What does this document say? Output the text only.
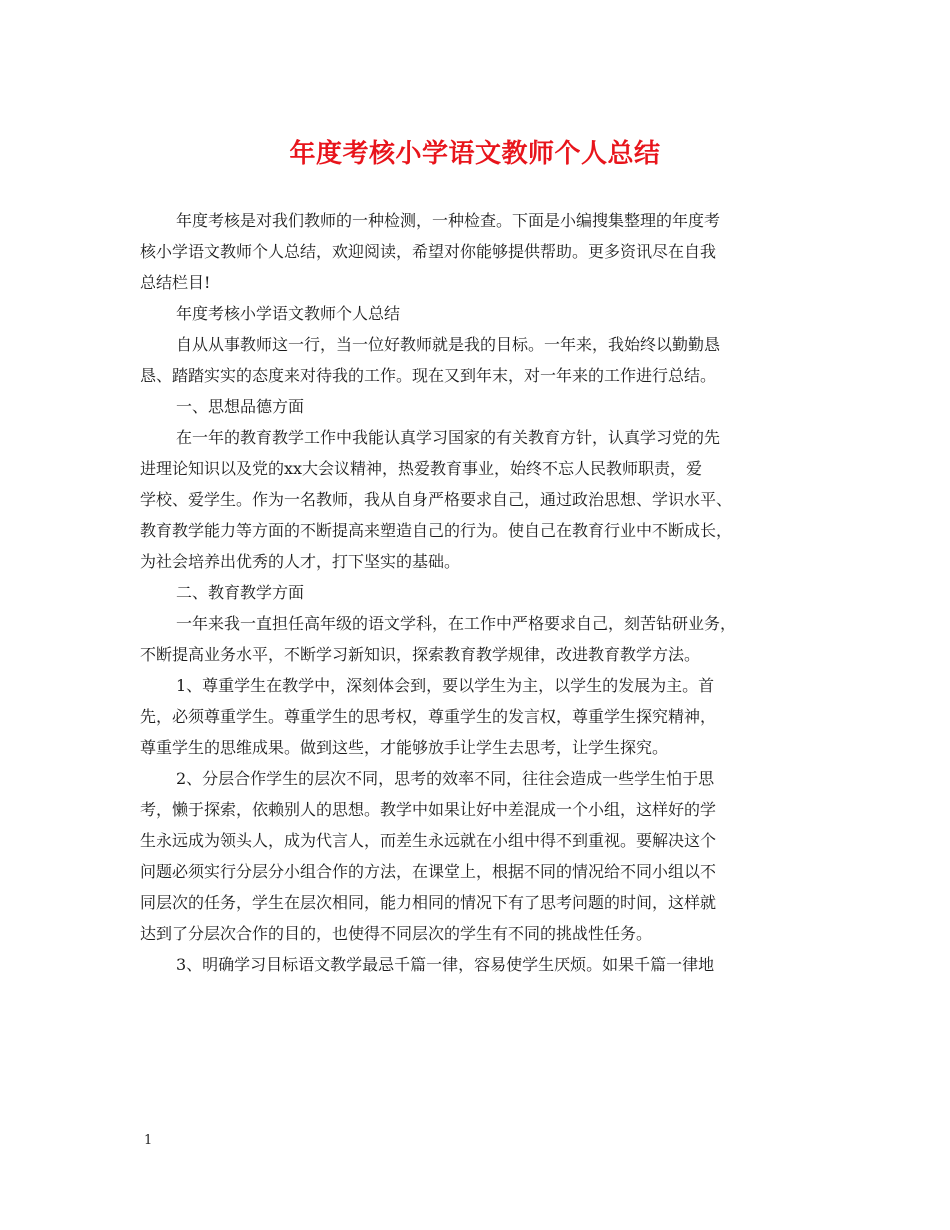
年度考核小学语文教师个人总结
年度考核是对我们教师的一种检测，一种检查。下面是小编搜集整理的年度考
核小学语文教师个人总结，欢迎阅读，希望对你能够提供帮助。更多资讯尽在自我
总结栏目!
年度考核小学语文教师个人总结
自从从事教师这一行，当一位好教师就是我的目标。一年来，我始终以勤勤恳
恳、踏踏实实的态度来对待我的工作。现在又到年末，对一年来的工作进行总结。
一、思想品德方面
在一年的教育教学工作中我能认真学习国家的有关教育方针，认真学习党的先
进理论知识以及党的xx大会议精神，热爱教育事业，始终不忘人民教师职责，爱
学校、爱学生。作为一名教师，我从自身严格要求自己，通过政治思想、学识水平、
教育教学能力等方面的不断提高来塑造自己的行为。使自己在教育行业中不断成长，
为社会培养出优秀的人才，打下坚实的基础。
二、教育教学方面
一年来我一直担任高年级的语文学科，在工作中严格要求自己，刻苦钻研业务，
不断提高业务水平，不断学习新知识，探索教育教学规律，改进教育教学方法。
1、尊重学生在教学中，深刻体会到，要以学生为主，以学生的发展为主。首
先，必须尊重学生。尊重学生的思考权，尊重学生的发言权，尊重学生探究精神，
尊重学生的思维成果。做到这些，才能够放手让学生去思考，让学生探究。
2、分层合作学生的层次不同，思考的效率不同，往往会造成一些学生怕于思
考，懒于探索，依赖别人的思想。教学中如果让好中差混成一个小组，这样好的学
生永远成为领头人，成为代言人，而差生永远就在小组中得不到重视。要解决这个
问题必须实行分层分小组合作的方法，在课堂上，根据不同的情况给不同小组以不
同层次的任务，学生在层次相同，能力相同的情况下有了思考问题的时间，这样就
达到了分层次合作的目的，也使得不同层次的学生有不同的挑战性任务。
3、明确学习目标语文教学最忌千篇一律，容易使学生厌烦。如果千篇一律地
1
